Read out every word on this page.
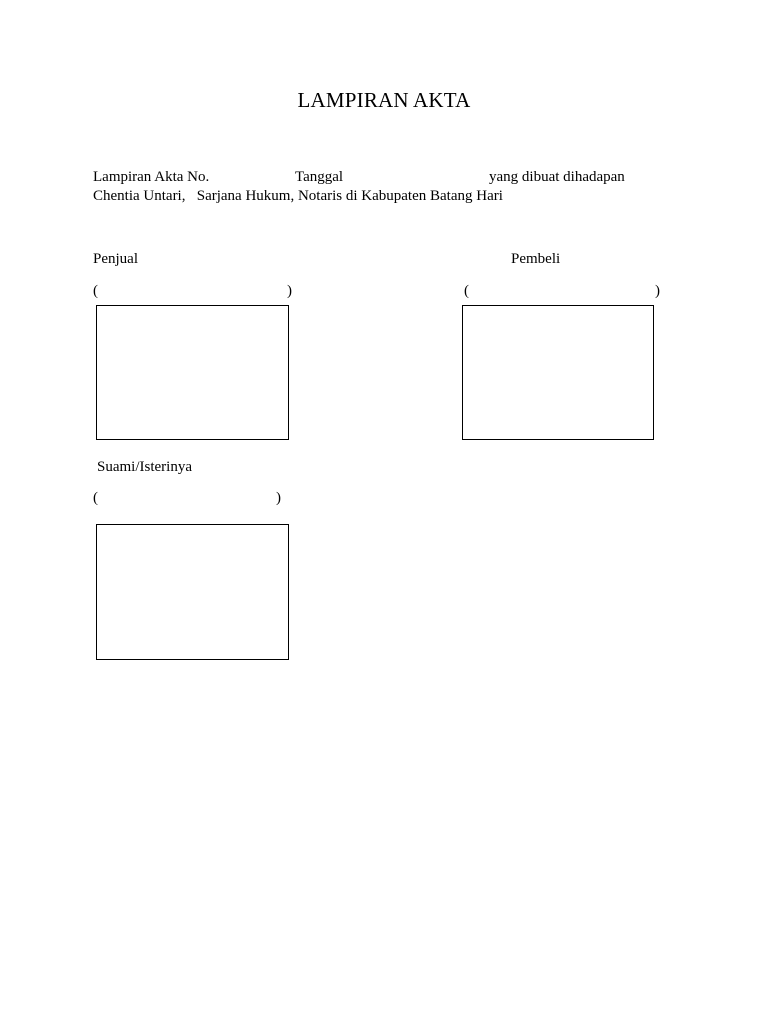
LAMPIRAN AKTA
Lampiran Akta No.	Tanggal	yang dibuat dihadapan
Chentia Untari,   Sarjana Hukum, Notaris di Kabupaten Batang Hari
Penjual
(	)
Pembeli
(	)
Suami/Isterinya
(	)
